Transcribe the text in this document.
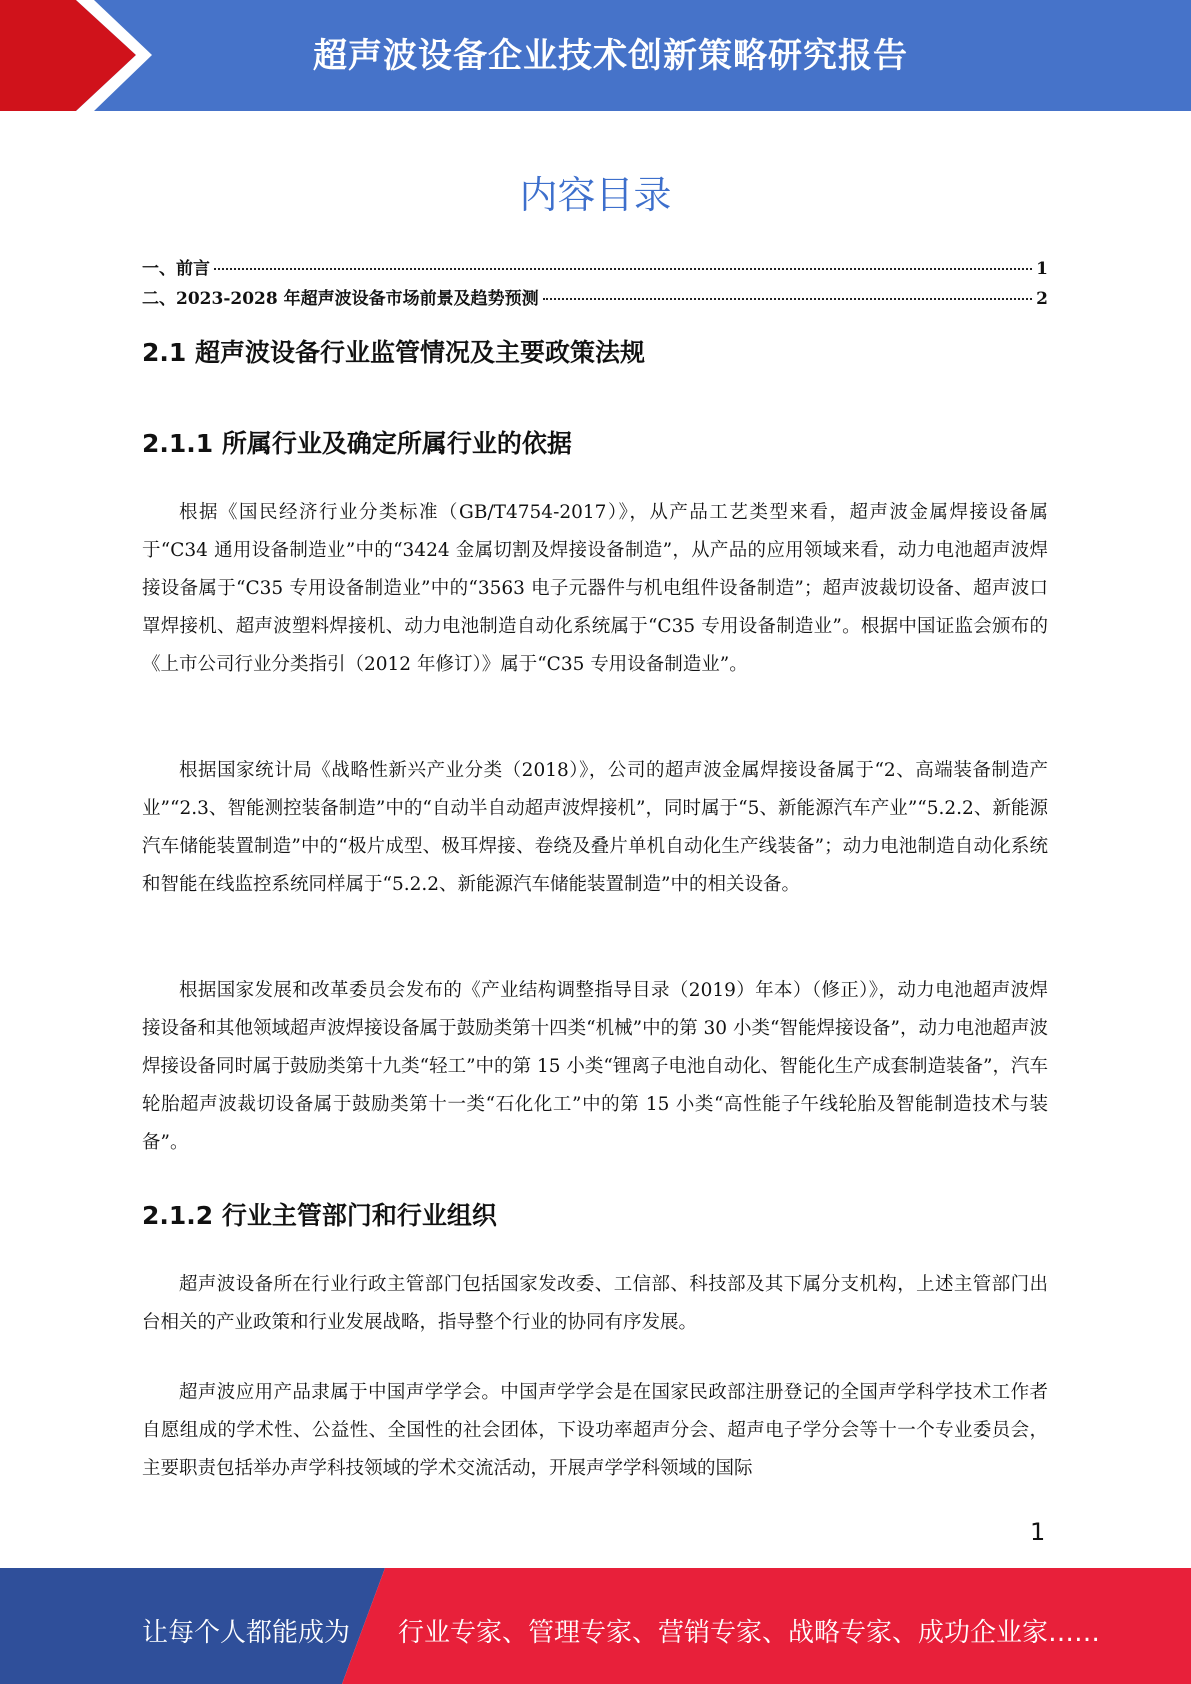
超声波设备企业技术创新策略研究报告
内容目录
一、前言	1
二、2023-2028 年超声波设备市场前景及趋势预测	2
2.1 超声波设备行业监管情况及主要政策法规
2.1.1 所属行业及确定所属行业的依据

根据《国民经济行业分类标准（GB/T4754-2017）》，从产品工艺类型来看，超声波金属焊接设备属于“C34 通用设备制造业”中的“3424 金属切割及焊接设备制造”，从产品的应用领域来看，动力电池超声波焊接设备属于“C35 专用设备制造业”中的“3563 电子元器件与机电组件设备制造”；超声波裁切设备、超声波口罩焊接机、超声波塑料焊接机、动力电池制造自动化系统属于“C35 专用设备制造业”。根据中国证监会颁布的《上市公司行业分类指引（2012 年修订）》属于“C35 专用设备制造业”。

根据国家统计局《战略性新兴产业分类（2018）》，公司的超声波金属焊接设备属于“2、高端装备制造产业”“2.3、智能测控装备制造”中的“自动半自动超声波焊接机”，同时属于“5、新能源汽车产业”“5.2.2、新能源汽车储能装置制造”中的“极片成型、极耳焊接、卷绕及叠片单机自动化生产线装备”；动力电池制造自动化系统和智能在线监控系统同样属于“5.2.2、新能源汽车储能装置制造”中的相关设备。

根据国家发展和改革委员会发布的《产业结构调整指导目录（2019）年本）（修正）》，动力电池超声波焊接设备和其他领域超声波焊接设备属于鼓励类第十四类“机械”中的第 30 小类“智能焊接设备”，动力电池超声波焊接设备同时属于鼓励类第十九类“轻工”中的第 15 小类“锂离子电池自动化、智能化生产成套制造装备”，汽车轮胎超声波裁切设备属于鼓励类第十一类“石化化工”中的第 15 小类“高性能子午线轮胎及智能制造技术与装备”。

2.1.2 行业主管部门和行业组织

超声波设备所在行业行政主管部门包括国家发改委、工信部、科技部及其下属分支机构，上述主管部门出台相关的产业政策和行业发展战略，指导整个行业的协同有序发展。

超声波应用产品隶属于中国声学学会。中国声学学会是在国家民政部注册登记的全国声学科学技术工作者自愿组成的学术性、公益性、全国性的社会团体，下设功率超声分会、超声电子学分会等十一个专业委员会，主要职责包括举办声学科技领域的学术交流活动，开展声学学科领域的国际

1
让每个人都能成为 行业专家、管理专家、营销专家、战略专家、成功企业家……
